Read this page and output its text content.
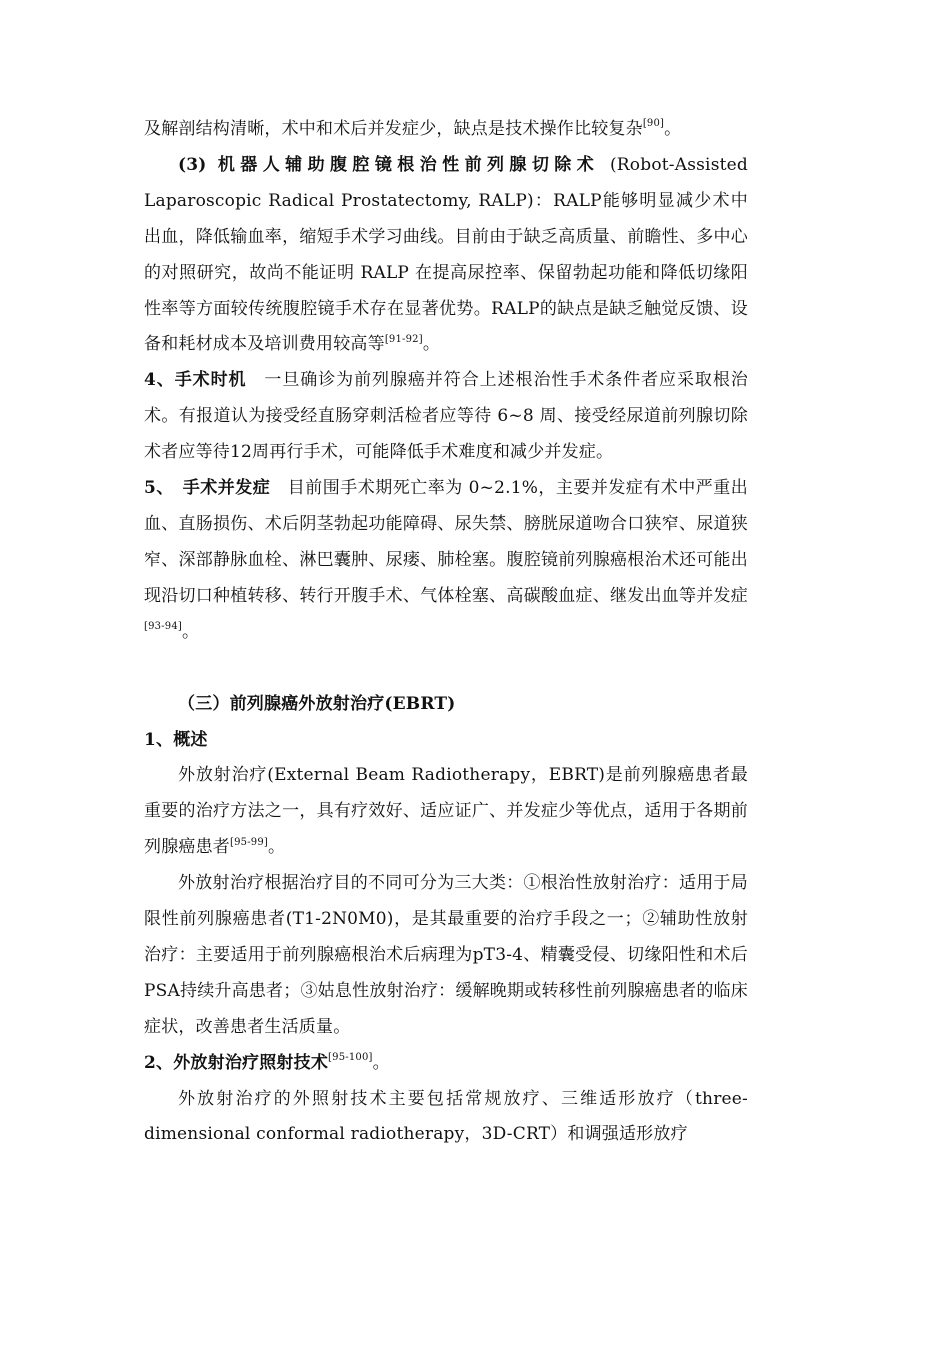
及解剖结构清晰，术中和术后并发症少，缺点是技术操作比较复杂[90]。

(3) 机器人辅助腹腔镜根治性前列腺切除术 (Robot-Assisted Laparoscopic Radical Prostatectomy, RALP)：RALP能够明显减少术中出血，降低输血率，缩短手术学习曲线。目前由于缺乏高质量、前瞻性、多中心的对照研究，故尚不能证明 RALP 在提高尿控率、保留勃起功能和降低切缘阳性率等方面较传统腹腔镜手术存在显著优势。RALP的缺点是缺乏触觉反馈、设备和耗材成本及培训费用较高等[91-92]。

4、手术时机　一旦确诊为前列腺癌并符合上述根治性手术条件者应采取根治术。有报道认为接受经直肠穿刺活检者应等待 6~8 周、接受经尿道前列腺切除术者应等待12周再行手术，可能降低手术难度和减少并发症。

5、　手术并发症　目前围手术期死亡率为 0~2.1%，主要并发症有术中严重出血、直肠损伤、术后阴茎勃起功能障碍、尿失禁、膀胱尿道吻合口狭窄、尿道狭窄、深部静脉血栓、淋巴囊肿、尿瘘、肺栓塞。腹腔镜前列腺癌根治术还可能出现沿切口种植转移、转行开腹手术、气体栓塞、高碳酸血症、继发出血等并发症[93-94]。

（三）前列腺癌外放射治疗(EBRT)

1、概述

外放射治疗(External Beam Radiotherapy，EBRT)是前列腺癌患者最重要的治疗方法之一，具有疗效好、适应证广、并发症少等优点，适用于各期前列腺癌患者[95-99]。

外放射治疗根据治疗目的不同可分为三大类：①根治性放射治疗：适用于局限性前列腺癌患者(T1-2N0M0)，是其最重要的治疗手段之一；②辅助性放射治疗：主要适用于前列腺癌根治术后病理为pT3-4、精囊受侵、切缘阳性和术后PSA持续升高患者；③姑息性放射治疗：缓解晚期或转移性前列腺癌患者的临床症状，改善患者生活质量。

2、外放射治疗照射技术[95-100]。

外放射治疗的外照射技术主要包括常规放疗、三维适形放疗（three-dimensional conformal radiotherapy，3D-CRT）和调强适形放疗
